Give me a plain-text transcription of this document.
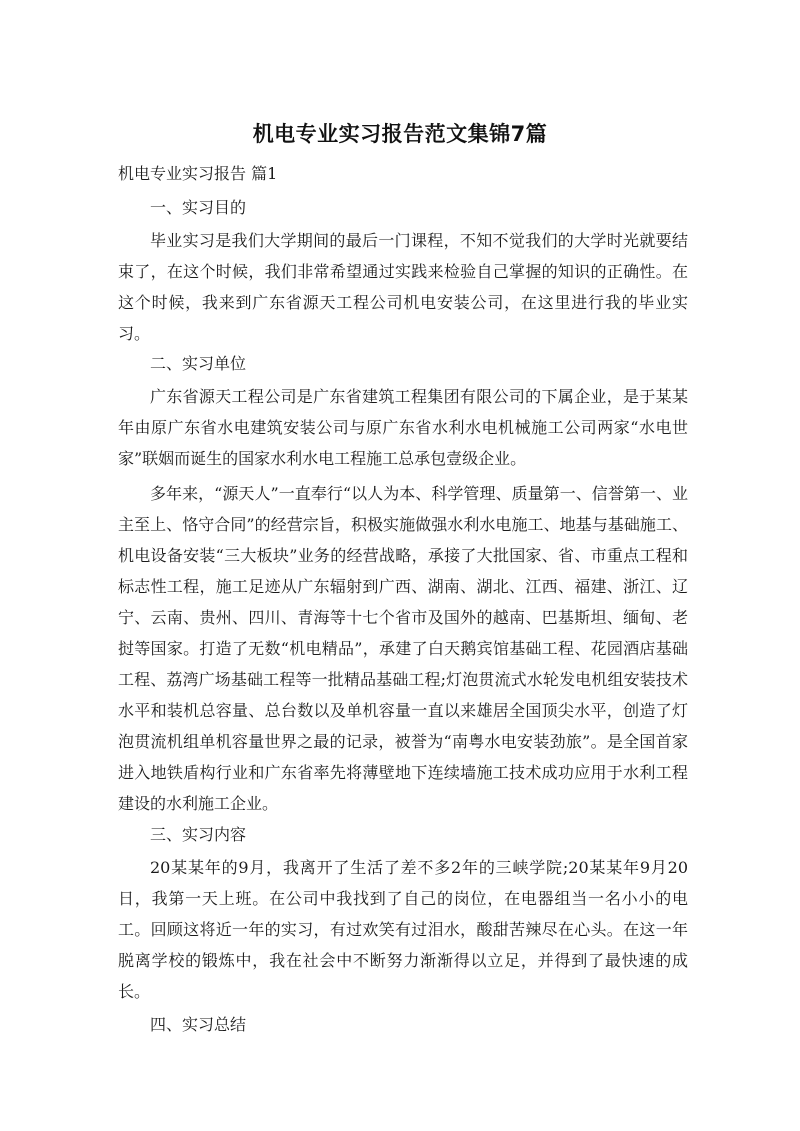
机电专业实习报告范文集锦7篇
机电专业实习报告 篇1
一、实习目的
毕业实习是我们大学期间的最后一门课程，不知不觉我们的大学时光就要结束了，在这个时候，我们非常希望通过实践来检验自己掌握的知识的正确性。在这个时候，我来到广东省源天工程公司机电安装公司，在这里进行我的毕业实习。
二、实习单位
广东省源天工程公司是广东省建筑工程集团有限公司的下属企业，是于某某年由原广东省水电建筑安装公司与原广东省水利水电机械施工公司两家“水电世家”联姻而诞生的国家水利水电工程施工总承包壹级企业。
多年来，“源天人”一直奉行“以人为本、科学管理、质量第一、信誉第一、业主至上、恪守合同”的经营宗旨，积极实施做强水利水电施工、地基与基础施工、机电设备安装“三大板块”业务的经营战略，承接了大批国家、省、市重点工程和标志性工程，施工足迹从广东辐射到广西、湖南、湖北、江西、福建、浙江、辽宁、云南、贵州、四川、青海等十七个省市及国外的越南、巴基斯坦、缅甸、老挝等国家。打造了无数“机电精品”，承建了白天鹅宾馆基础工程、花园酒店基础工程、荔湾广场基础工程等一批精品基础工程;灯泡贯流式水轮发电机组安装技术水平和装机总容量、总台数以及单机容量一直以来雄居全国顶尖水平，创造了灯泡贯流机组单机容量世界之最的记录，被誉为“南粤水电安装劲旅”。是全国首家进入地铁盾构行业和广东省率先将薄壁地下连续墙施工技术成功应用于水利工程建设的水利施工企业。
三、实习内容
20某某年的9月，我离开了生活了差不多2年的三峡学院;20某某年9月20日，我第一天上班。在公司中我找到了自己的岗位，在电器组当一名小小的电工。回顾这将近一年的实习，有过欢笑有过泪水，酸甜苦辣尽在心头。在这一年脱离学校的锻炼中，我在社会中不断努力渐渐得以立足，并得到了最快速的成长。
四、实习总结
